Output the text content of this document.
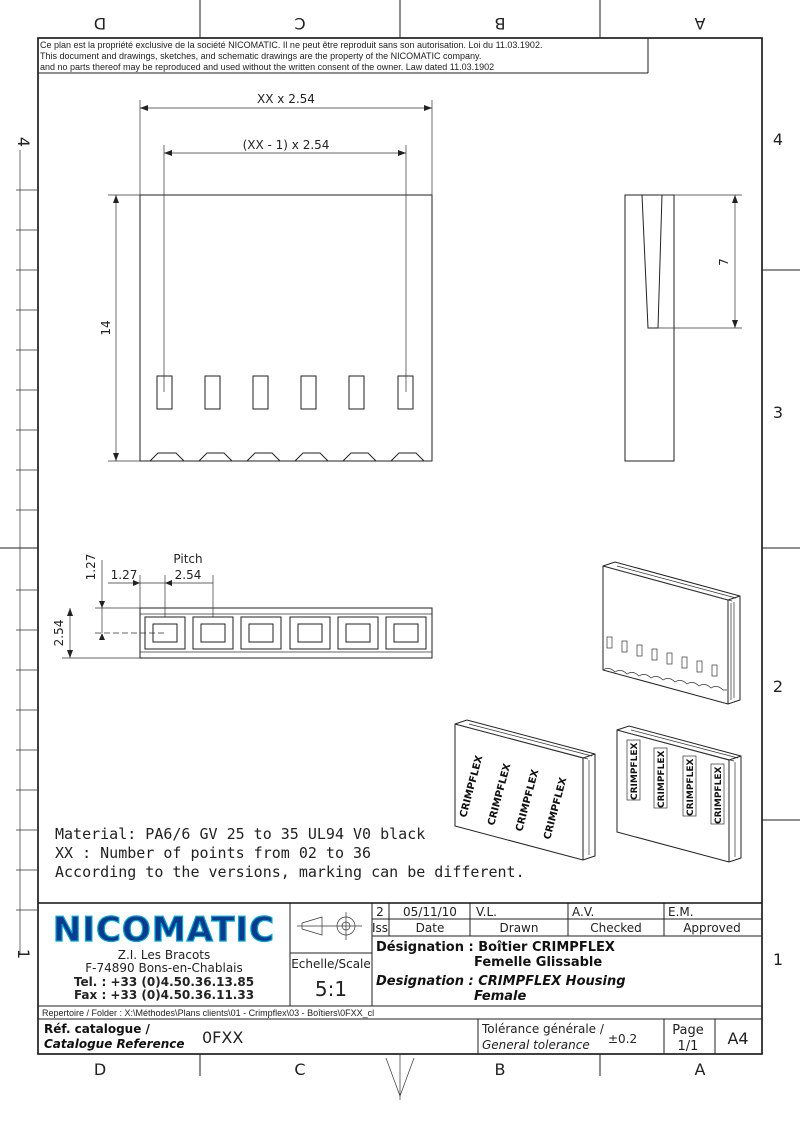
D	C	B	A
D	C	B	A
4
3
2
1
4
1
Ce plan est la propriété exclusive de la société NICOMATIC. Il ne peut être reproduit sans son autorisation. Loi du 11.03.1902.
This document and drawings, sketches, and schematic drawings are the property of the NICOMATIC company.
and no parts thereof may be reproduced and used without the written consent of the owner. Law dated 11.03.1902
XX x 2.54
(XX - 1) x 2.54
14
7
Pitch
2.54
1.27
1.27
2.54
CRIMPFLEX CRIMPFLEX CRIMPFLEX CRIMPFLEX
CRIMPFLEX CRIMPFLEX CRIMPFLEX CRIMPFLEX
Material: PA6/6 GV 25 to 35 UL94 V0 black
XX : Number of points from 02 to 36
According to the versions, marking can be different.
NICOMATIC
Z.I. Les Bracots
F-74890 Bons-en-Chablais
Tel. : +33 (0)4.50.36.13.85
Fax : +33 (0)4.50.36.11.33
Echelle/Scale
5:1
2 05/11/10 V.L.	A.V.	E.M.
Iss Date	Drawn	Checked	Approved
Désignation : Boîtier CRIMPFLEX
Femelle Glissable
Designation : CRIMPFLEX Housing
Female
Repertoire / Folder : X:\Méthodes\Plans clients\01 - Crimpflex\03 - Boîtiers\0FXX_cl
Réf. catalogue /
Catalogue Reference 0FXX	Tolérance générale /
General tolerance ±0.2
Page
1/1 A4
